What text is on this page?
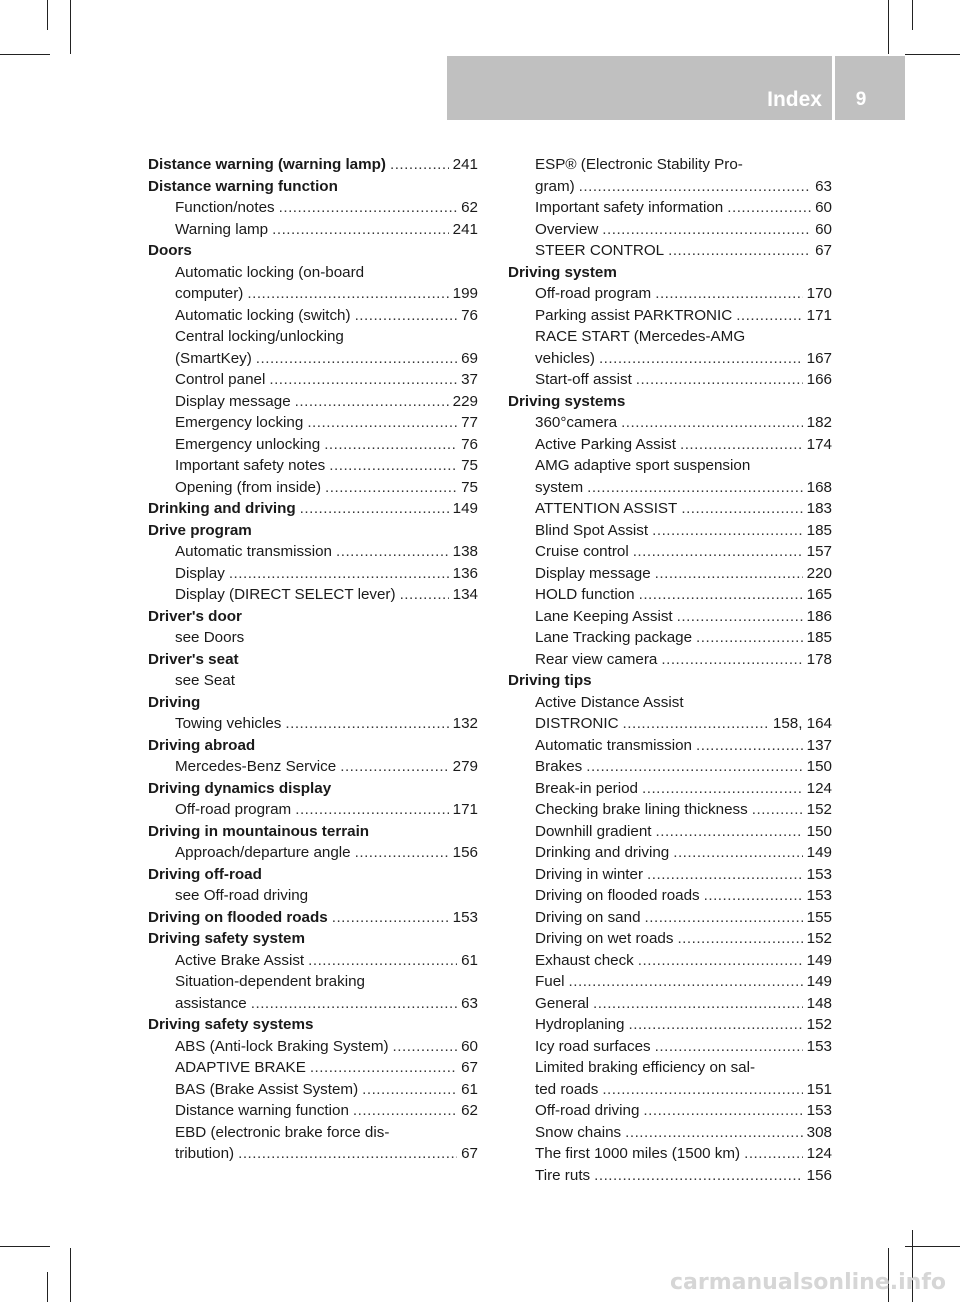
Index	9
Distance warning (warning lamp) .....	241
Distance warning function
Function/notes .....	62
Warning lamp .....	241
Doors
Automatic locking (on-board
computer) .....	199
Automatic locking (switch) .....	76
Central locking/unlocking
(SmartKey) .....	69
Control panel .....	37
Display message .....	229
Emergency locking .....	77
Emergency unlocking .....	76
Important safety notes .....	75
Opening (from inside) .....	75
Drinking and driving .....	149
Drive program
Automatic transmission .....	138
Display .....	136
Display (DIRECT SELECT lever) .....	134
Driver's door
see Doors
Driver's seat
see Seat
Driving
Towing vehicles .....	132
Driving abroad
Mercedes-Benz Service .....	279
Driving dynamics display
Off-road program .....	171
Driving in mountainous terrain
Approach/departure angle .....	156
Driving off-road
see Off-road driving
Driving on flooded roads .....	153
Driving safety system
Active Brake Assist .....	61
Situation-dependent braking
assistance .....	63
Driving safety systems
ABS (Anti-lock Braking System) .....	60
ADAPTIVE BRAKE .....	67
BAS (Brake Assist System) .....	61
Distance warning function .....	62
EBD (electronic brake force dis-
tribution) .....	67
ESP® (Electronic Stability Pro-
gram) .....	63
Important safety information .....	60
Overview .....	60
STEER CONTROL .....	67
Driving system
Off-road program .....	170
Parking assist PARKTRONIC .....	171
RACE START (Mercedes-AMG
vehicles) .....	167
Start-off assist .....	166
Driving systems
360°camera .....	182
Active Parking Assist .....	174
AMG adaptive sport suspension
system .....	168
ATTENTION ASSIST .....	183
Blind Spot Assist .....	185
Cruise control .....	157
Display message .....	220
HOLD function .....	165
Lane Keeping Assist .....	186
Lane Tracking package .....	185
Rear view camera .....	178
Driving tips
Active Distance Assist
DISTRONIC .....	158, 164
Automatic transmission .....	137
Brakes .....	150
Break-in period .....	124
Checking brake lining thickness .....	152
Downhill gradient .....	150
Drinking and driving .....	149
Driving in winter .....	153
Driving on flooded roads .....	153
Driving on sand .....	155
Driving on wet roads .....	152
Exhaust check .....	149
Fuel .....	149
General .....	148
Hydroplaning .....	152
Icy road surfaces .....	153
Limited braking efficiency on sal-
ted roads .....	151
Off-road driving .....	153
Snow chains .....	308
The first 1000 miles (1500 km) .....	124
Tire ruts .....	156
carmanualsonline.info
